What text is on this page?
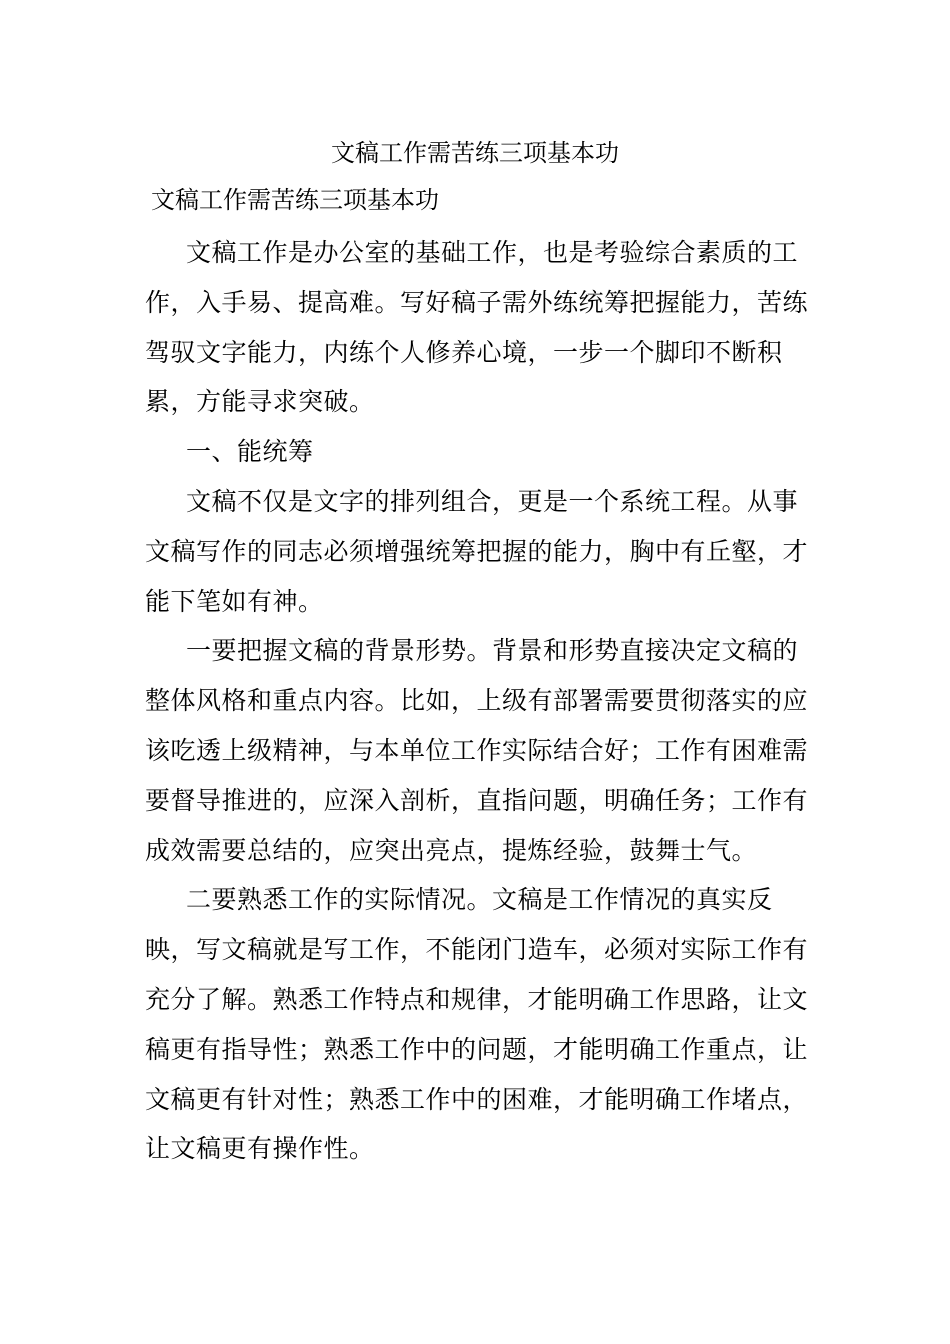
文稿工作需苦练三项基本功
文稿工作需苦练三项基本功

文稿工作是办公室的基础工作，也是考验综合素质的工作，入手易、提高难。写好稿子需外练统筹把握能力，苦练驾驭文字能力，内练个人修养心境，一步一个脚印不断积累，方能寻求突破。

一、能统筹

文稿不仅是文字的排列组合，更是一个系统工程。从事文稿写作的同志必须增强统筹把握的能力，胸中有丘壑，才能下笔如有神。

一要把握文稿的背景形势。背景和形势直接决定文稿的整体风格和重点内容。比如，上级有部署需要贯彻落实的应该吃透上级精神，与本单位工作实际结合好；工作有困难需要督导推进的，应深入剖析，直指问题，明确任务；工作有成效需要总结的，应突出亮点，提炼经验，鼓舞士气。

二要熟悉工作的实际情况。文稿是工作情况的真实反映，写文稿就是写工作，不能闭门造车，必须对实际工作有充分了解。熟悉工作特点和规律，才能明确工作思路，让文稿更有指导性；熟悉工作中的问题，才能明确工作重点，让文稿更有针对性；熟悉工作中的困难，才能明确工作堵点，让文稿更有操作性。
